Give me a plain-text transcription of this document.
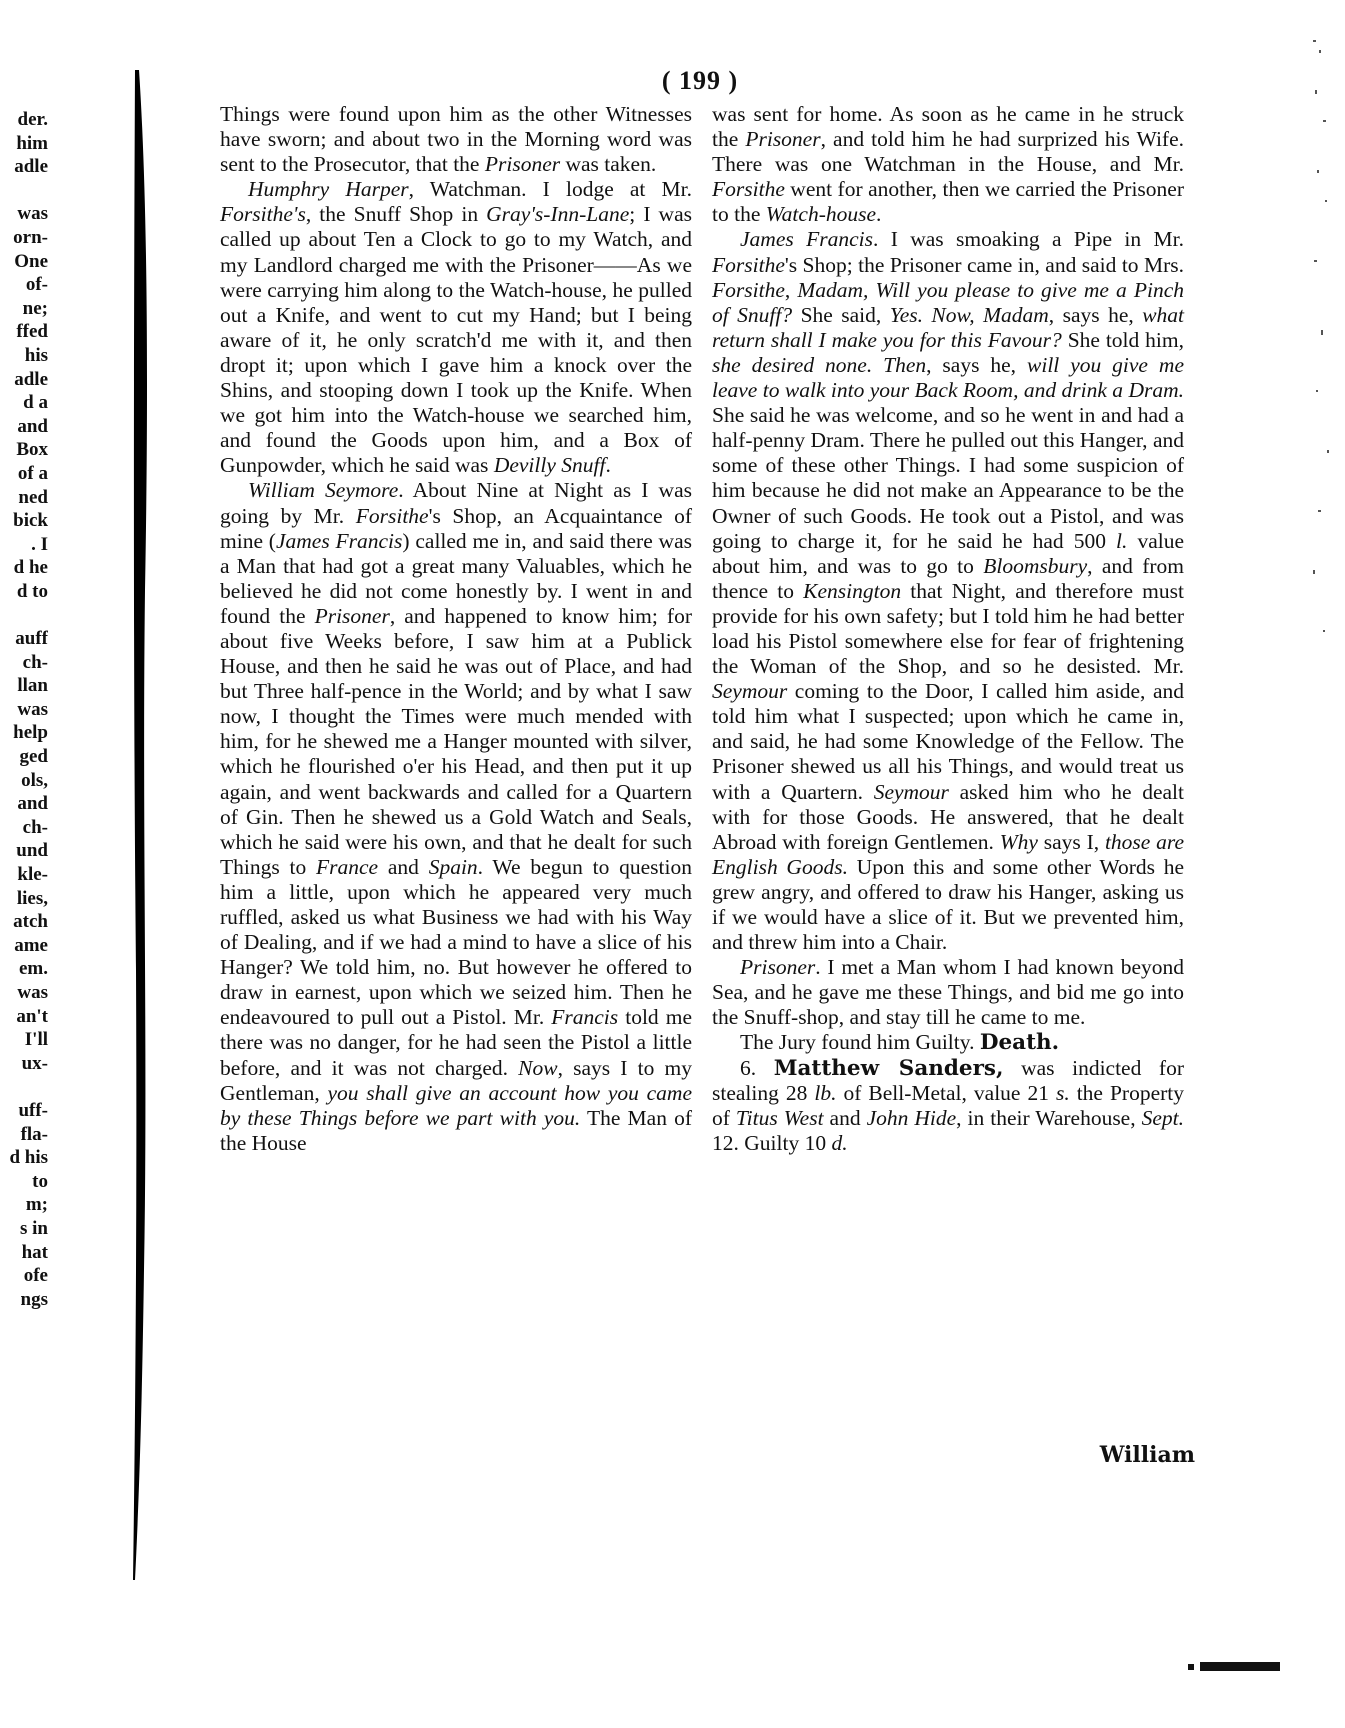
der.
him
adle
was
orn-
One
of-
ne;
ffed
his
adle
d a
and
Box
of a
ned
bick
. I
d he
d to
auff
ch-
llan
was
help
ged
ols,
and
ch-
und
kle-
lies,
atch
ame
em.
was
an't
I'll
ux-
uff-
fla-
d his
to
m;
s in
hat
ofe
ngs
( 199 )

Things were found upon him as the other Witnesses have sworn; and about two in the Morning word was sent to the Prosecutor, that the Prisoner was taken.

Humphry Harper, Watchman. I lodge at Mr. Forsithe's, the Snuff Shop in Gray's-Inn-Lane; I was called up about Ten a Clock to go to my Watch, and my Landlord charged me with the Prisoner——As we were carrying him along to the Watch-house, he pulled out a Knife, and went to cut my Hand; but I being aware of it, he only scratch'd me with it, and then dropt it; upon which I gave him a knock over the Shins, and stooping down I took up the Knife. When we got him into the Watch-house we searched him, and found the Goods upon him, and a Box of Gunpowder, which he said was Devilly Snuff.

William Seymore. About Nine at Night as I was going by Mr. Forsithe's Shop, an Acquaintance of mine (James Francis) called me in, and said there was a Man that had got a great many Valuables, which he believed he did not come honestly by. I went in and found the Prisoner, and happened to know him; for about five Weeks before, I saw him at a Publick House, and then he said he was out of Place, and had but Three half-pence in the World; and by what I saw now, I thought the Times were much mended with him, for he shewed me a Hanger mounted with silver, which he flourished o'er his Head, and then put it up again, and went backwards and called for a Quartern of Gin. Then he shewed us a Gold Watch and Seals, which he said were his own, and that he dealt for such Things to France and Spain. We begun to question him a little, upon which he appeared very much ruffled, asked us what Business we had with his Way of Dealing, and if we had a mind to have a slice of his Hanger? We told him, no. But however he offered to draw in earnest, upon which we seized him. Then he endeavoured to pull out a Pistol. Mr. Francis told me there was no danger, for he had seen the Pistol a little before, and it was not charged. Now, says I to my Gentleman, you shall give an account how you came by these Things before we part with you. The Man of the House

was sent for home. As soon as he came in he struck the Prisoner, and told him he had surprized his Wife. There was one Watchman in the House, and Mr. Forsithe went for another, then we carried the Prisoner to the Watch-house.

James Francis. I was smoaking a Pipe in Mr. Forsithe's Shop; the Prisoner came in, and said to Mrs. Forsithe, Madam, Will you please to give me a Pinch of Snuff? She said, Yes. Now, Madam, says he, what return shall I make you for this Favour? She told him, she desired none. Then, says he, will you give me leave to walk into your Back Room, and drink a Dram. She said he was welcome, and so he went in and had a half-penny Dram. There he pulled out this Hanger, and some of these other Things. I had some suspicion of him because he did not make an Appearance to be the Owner of such Goods. He took out a Pistol, and was going to charge it, for he said he had 500 l. value about him, and was to go to Bloomsbury, and from thence to Kensington that Night, and therefore must provide for his own safety; but I told him he had better load his Pistol somewhere else for fear of frightening the Woman of the Shop, and so he desisted. Mr. Seymour coming to the Door, I called him aside, and told him what I suspected; upon which he came in, and said, he had some Knowledge of the Fellow. The Prisoner shewed us all his Things, and would treat us with a Quartern. Seymour asked him who he dealt with for those Goods. He answered, that he dealt Abroad with foreign Gentlemen. Why says I, those are English Goods. Upon this and some other Words he grew angry, and offered to draw his Hanger, asking us if we would have a slice of it. But we prevented him, and threw him into a Chair.

Prisoner. I met a Man whom I had known beyond Sea, and he gave me these Things, and bid me go into the Snuff-shop, and stay till he came to me.

The Jury found him Guilty. Death.

6. Matthew Sanders, was indicted for stealing 28 lb. of Bell-Metal, value 21 s. the Property of Titus West and John Hide, in their Warehouse, Sept. 12. Guilty 10 d.

William
